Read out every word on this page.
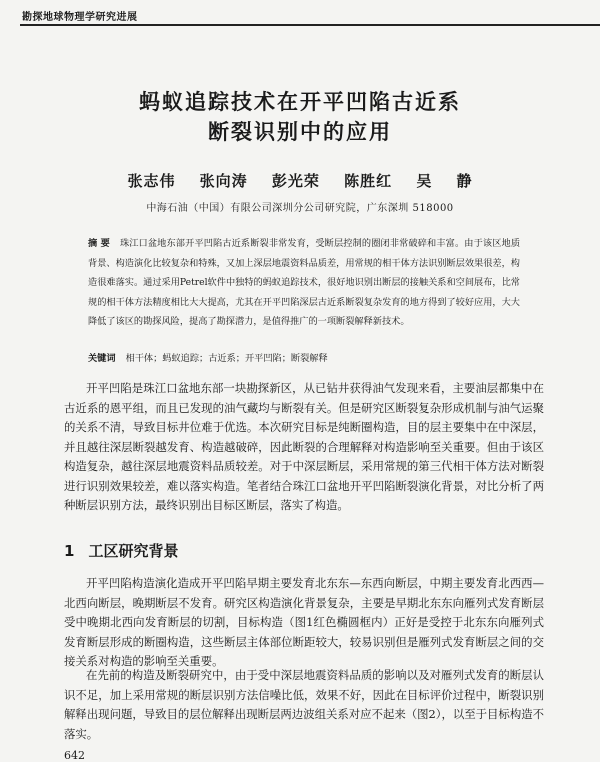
勘探地球物理学研究进展
蚂蚁追踪技术在开平凹陷古近系
断裂识别中的应用
张志伟 张向涛 彭光荣 陈胜红 吴 静
中海石油（中国）有限公司深圳分公司研究院，广东深圳 518000
摘 要 珠江口盆地东部开平凹陷古近系断裂非常发育，受断层控制的圈闭非常破碎和丰富。由于该区地质背景、构造演化比较复杂和特殊，又加上深层地震资料品质差，用常规的相干体方法识别断层效果很差，构造很难落实。通过采用Petrel软件中独特的蚂蚁追踪技术，很好地识别出断层的接触关系和空间展布，比常规的相干体方法精度相比大大提高，尤其在开平凹陷深层古近系断裂复杂发育的地方得到了较好应用，大大降低了该区的勘探风险，提高了勘探潜力，是值得推广的一项断裂解释新技术。
关键词 相干体；蚂蚁追踪；古近系；开平凹陷；断裂解释
开平凹陷是珠江口盆地东部一块勘探新区，从已钻井获得油气发现来看，主要油层都集中在古近系的恩平组，而且已发现的油气藏均与断裂有关。但是研究区断裂复杂形成机制与油气运聚的关系不清，导致目标井位难于优选。本次研究目标是纯断圈构造，目的层主要集中在中深层，并且越往深层断裂越发育、构造越破碎，因此断裂的合理解释对构造影响至关重要。但由于该区构造复杂，越往深层地震资料品质较差。对于中深层断层，采用常规的第三代相干体方法对断裂进行识别效果较差，难以落实构造。笔者结合珠江口盆地开平凹陷断裂演化背景，对比分析了两种断层识别方法，最终识别出目标区断层，落实了构造。
1 工区研究背景
开平凹陷构造演化造成开平凹陷早期主要发育北东东—东西向断层，中期主要发育北西西—北西向断层，晚期断层不发育。研究区构造演化背景复杂，主要是早期北东东向雁列式发育断层受中晚期北西向发育断层的切割，目标构造（图1红色椭圆框内）正好是受控于北东东向雁列式发育断层形成的断圈构造，这些断层主体部位断距较大，较易识别但是雁列式发育断层之间的交接关系对构造的影响至关重要。
在先前的构造及断裂研究中，由于受中深层地震资料品质的影响以及对雁列式发育的断层认识不足，加上采用常规的断层识别方法信噪比低，效果不好，因此在目标评价过程中，断裂识别解释出现问题，导致目的层位解释出现断层两边波组关系对应不起来（图2），以至于目标构造不落实。
642
